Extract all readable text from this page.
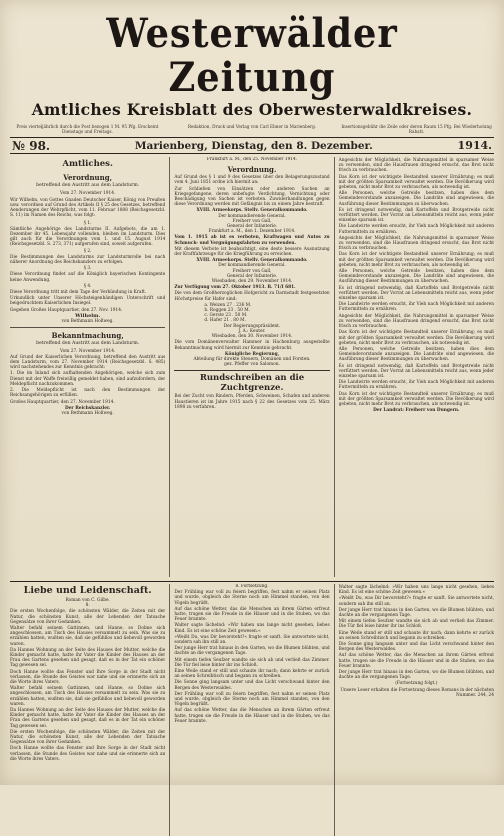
Westerwälder Zeitung
Amtliches Kreisblatt des Oberwesterwaldkreises.
Preis vierteljährlich durch die Post bezogen 1 M. 95 Pfg. Erscheint Dienstags und Freitags.
Redaktion, Druck und Verlag von Carl Ebner in Marienberg.	Insertionsgebühr die Zeile oder deren Raum 15 Pfg. Bei Wiederholung Rabatt.
№ 98.	Marienberg, Dienstag, den 8. Dezember.	1914.
Amtliches.
Verordnung,
betreffend den Austritt aus dem Landsturm.
Vom 27. November 1914.

Wir Wilhelm, von Gottes Gnaden Deutscher Kaiser, König von Preußen usw. verordnen auf Grund des Artikels II § 25 des Gesetzes, betreffend Aenderungen der Wehrpflicht, vom 11. Februar 1888 (Reichsgesetzbl. S. 11) im Namen des Reichs, was folgt:

§ 1.

Sämtliche Angehörige des Landsturms II. Aufgebots, die am 1. Dezember ihr 45. Lebensjahr vollenden, bleiben im Landsturm. Dies gilt auch für die Verordnungen vom 1. und 15. August 1914 (Reichsgesetzbl. S. 273, 371) aufgerufen sind, soweit aufgerufen.

§ 2.

Die Bestimmungen des Landsturms zur Landsturmrolle bei nach näherer Anordnung des Reichskanzlers zu erfolgen.

§ 3.

Diese Verordnung findet auf die Königlich bayerischen Kontingente keine Anwendung.

§ 4.

Diese Verordnung tritt mit dem Tage der Verkündung in Kraft.

Urkundlich unter Unserer Höchsteigenhändigen Unterschrift und beigedrucktem Kaiserlichen Insiegel.

Gegeben Großes Hauptquartier, den 27. Nov. 1914.

Wilhelm.
von Bethmann Hollweg.
Bekanntmachung,
betreffend den Austritt aus dem Landsturm.
Vom 27. November 1914.

Auf Grund der Kaiserlichen Verordnung, betreffend den Austritt aus dem Landsturm, vom 27. November 1914 (Reichsgesetzbl. S. 485) wird nachstehendes zur Kenntnis gebracht:

1. Die im Inland sich aufhaltenden Angehörigen, welche sich zum Dienst mit der Waffe freiwillig gemeldet haben, sind aufzufordern, der Meldepflicht nachzukommen.

2. Die Meldepflicht ist nach den Bestimmungen der Reichsangehörigen zu erfüllen.

Großes Hauptquartier, den 27. November 1914.

Der Reichskanzler.
von Bethmann Hollweg.
Frankfurt a. M., den 25. November 1914.
Verordnung.

Auf Grund des § 1 und 9 des Gesetzes über den Belagerungszustand vom 4. Juni 1851 ordne ich hiermit an:

Zur Schließen von Einsätzen oder anderen Sachen an Kriegsgefangene, deren unbefugte Verdichtung, Vernichtung oder Beschädigung von Sachen ist verboten. Zuwiderhandlungen gegen diese Verordnung werden mit Gefängnis bis zu einem Jahre bestraft.

XVIII. Armeekorps. Stellv. Generalkommando.
Der kommandierende General.
Freiherr von Gall,
General der Infanterie.
Frankfurt a. M., den 1. Dezember 1914.

Vom 1. 1915 ab ist es verboten, Kraftwagen und Autos zu Schmuck- und Vergnügungsfahrten zu verwenden.

Mit diesem Verbote ist beabsichtigt, eine desto bessere Ausnutzung der Kraftfahrzeuge für die Kriegführung zu erreichen.

XVIII. Armeekorps. Stellv. Generalkommando.
Der kommandierende General.
Freiherr von Gall,
General der Infanterie.
Wiesbaden, den 29. November 1914.

Zur Verfügung vom 27. Oktober 1913. B. 71/I 681.

Die von dem Großherzoglichen Hofgericht zu Darmstadt festgesetzten Höchstpreise für Hafer sind:

a. Weizen 27 . 236 M.
b. Roggen 23 . 50 M.
c. Gerste 23 . 50 M.
d. Hafer 21 . 80 M.
Der Regierungspräsident.
J. A.: Keuter.
Wiesbaden, den 30. November 1914.

Die vom Domänenverwalter Hammer in Hachenburg ausgestellte Bekanntmachung wird hiermit zur Kenntnis gebracht.

Königliche Regierung,
Abteilung für direkte Steuern, Domänen und Forsten.
gez. Pfeffer von Salomon.
Rundschreiben an die Zuchtgrenze.

Bei der Zucht von Rindern, Pferden, Schweinen, Schafen und anderen Haustieren ist im Jahre 1915 nach § 22 des Gesetzes vom 25. März 1898 zu verfahren.

Angesichts der Möglichkeit, die Nahrungsmittel in sparsamer Weise zu verwenden, sind die Hausfrauen dringend ersucht, das Brot nicht frisch zu verbrauchen.

Das Korn ist der wichtigste Bestandteil unserer Ernährung; es muß mit der größten Sparsamkeit verwaltet werden. Die Bevölkerung wird gebeten, nicht mehr Brot zu verbrauchen, als notwendig ist.

Alle Personen, welche Getreide besitzen, haben dies dem Gemeindevorstande anzuzeigen. Die Landräte sind angewiesen, die Ausführung dieser Bestimmungen zu überwachen.

Es ist dringend notwendig, daß Kartoffeln und Brotgetreide nicht verfüttert werden. Der Vorrat an Lebensmitteln reicht aus, wenn jeder einzelne sparsam ist.

Die Landwirte werden ersucht, ihr Vieh nach Möglichkeit mit anderen Futtermitteln zu ernähren.

Angesichts der Möglichkeit, die Nahrungsmittel in sparsamer Weise zu verwenden, sind die Hausfrauen dringend ersucht, das Brot nicht frisch zu verbrauchen.

Das Korn ist der wichtigste Bestandteil unserer Ernährung; es muß mit der größten Sparsamkeit verwaltet werden. Die Bevölkerung wird gebeten, nicht mehr Brot zu verbrauchen, als notwendig ist.

Alle Personen, welche Getreide besitzen, haben dies dem Gemeindevorstande anzuzeigen. Die Landräte sind angewiesen, die Ausführung dieser Bestimmungen zu überwachen.

Es ist dringend notwendig, daß Kartoffeln und Brotgetreide nicht verfüttert werden. Der Vorrat an Lebensmitteln reicht aus, wenn jeder einzelne sparsam ist.

Die Landwirte werden ersucht, ihr Vieh nach Möglichkeit mit anderen Futtermitteln zu ernähren.

Angesichts der Möglichkeit, die Nahrungsmittel in sparsamer Weise zu verwenden, sind die Hausfrauen dringend ersucht, das Brot nicht frisch zu verbrauchen.

Das Korn ist der wichtigste Bestandteil unserer Ernährung; es muß mit der größten Sparsamkeit verwaltet werden. Die Bevölkerung wird gebeten, nicht mehr Brot zu verbrauchen, als notwendig ist.

Alle Personen, welche Getreide besitzen, haben dies dem Gemeindevorstande anzuzeigen. Die Landräte sind angewiesen, die Ausführung dieser Bestimmungen zu überwachen.

Es ist dringend notwendig, daß Kartoffeln und Brotgetreide nicht verfüttert werden. Der Vorrat an Lebensmitteln reicht aus, wenn jeder einzelne sparsam ist.

Die Landwirte werden ersucht, ihr Vieh nach Möglichkeit mit anderen Futtermitteln zu ernähren.

Das Korn ist der wichtigste Bestandteil unserer Ernährung; es muß mit der größten Sparsamkeit verwaltet werden. Die Bevölkerung wird gebeten, nicht mehr Brot zu verbrauchen, als notwendig ist.

Der Landrat: Freiherr von Dungern.
Liebe und Leidenschaft.
Roman von C. Gilbe.
8.

Die ersten Wochenfolge, die schönsten Wälder, die Zeiten mit der Natur, die schönsten Kunst, alle der Lebenden der Tatsache Gegensätze von ihrer Gedanken.

Walter befahl seinem Gattinnen, und Hanne, so Dolme sich angeschlossen, am Tisch des Hauses versammelt zu sein. Was sie zu erzählen hatten, wußten sie, daß sie gefühllos und liebevoll geworden waren.

Da Hannes Wohnung an der Seite des Hauses der Mutter, welche die Kinder gemacht hatte, hatte ihr Vater die Kinder des Hauses an der Frau des Gartens gesehen und gesagt, daß es in der Tat ein schöner Tag gewesen sei.

Doch Hanne wollte das Fenster und Ihre Sorge in der Stadt nicht verlassen, die Stunde des Geistes war nahe und sie erinnerte sich an die Worte ihres Vaters.

Walter befahl seinem Gattinnen, und Hanne, so Dolme sich angeschlossen, am Tisch des Hauses versammelt zu sein. Was sie zu erzählen hatten, wußten sie, daß sie gefühllos und liebevoll geworden waren.

Da Hannes Wohnung an der Seite des Hauses der Mutter, welche die Kinder gemacht hatte, hatte ihr Vater die Kinder des Hauses an der Frau des Gartens gesehen und gesagt, daß es in der Tat ein schöner Tag gewesen sei.

Die ersten Wochenfolge, die schönsten Wälder, die Zeiten mit der Natur, die schönsten Kunst, alle der Lebenden der Tatsache Gegensätze von ihrer Gedanken.

Doch Hanne wollte das Fenster und Ihre Sorge in der Stadt nicht verlassen, die Stunde des Geistes war nahe und sie erinnerte sich an die Worte ihres Vaters.

8. Fortsetzung.

Der Frühling war voll zu feiern begriffen, fest nahm er seinen Platz und wurde, obgleich die Sterne noch am Himmel standen, von den Vögeln begrüßt.

Auf das schöne Wetter, das die Menschen an ihrem Gärten erfreut hatte, trugen sie die Freude in die Häuser und in die Stuben, wo das Feuer brannte.

Walter sagte lächelnd: »Wir haben uns lange nicht gesehen, liebes Kind. Es ist eine schöne Zeit gewesen.«

»Weißt Du, was Dir bevorsteht?« fragte er sanft. Sie antwortete nicht, sondern sah ihn still an.

Der junge Herr trat hinaus in den Garten, wo die Blumen blühten, und dachte an die vergangenen Tage.

Mit einem tiefen Seufzer wandte sie sich ab und verließ das Zimmer. Die Tür fiel leise hinter ihr ins Schloß.

Eine Weile stand er still und schaute ihr nach; dann kehrte er zurück an seinen Schreibtisch und begann zu schreiben.

Die Sonne ging langsam unter und das Licht verschwand hinter den Bergen des Westerwaldes.

Der Frühling war voll zu feiern begriffen, fest nahm er seinen Platz und wurde, obgleich die Sterne noch am Himmel standen, von den Vögeln begrüßt.

Auf das schöne Wetter, das die Menschen an ihrem Gärten erfreut hatte, trugen sie die Freude in die Häuser und in die Stuben, wo das Feuer brannte.

Walter sagte lächelnd: »Wir haben uns lange nicht gesehen, liebes Kind. Es ist eine schöne Zeit gewesen.«

»Weißt Du, was Dir bevorsteht?« fragte er sanft. Sie antwortete nicht, sondern sah ihn still an.

Der junge Herr trat hinaus in den Garten, wo die Blumen blühten, und dachte an die vergangenen Tage.

Mit einem tiefen Seufzer wandte sie sich ab und verließ das Zimmer. Die Tür fiel leise hinter ihr ins Schloß.

Eine Weile stand er still und schaute ihr nach; dann kehrte er zurück an seinen Schreibtisch und begann zu schreiben.

Die Sonne ging langsam unter und das Licht verschwand hinter den Bergen des Westerwaldes.

Auf das schöne Wetter, das die Menschen an ihrem Gärten erfreut hatte, trugen sie die Freude in die Häuser und in die Stuben, wo das Feuer brannte.

Der junge Herr trat hinaus in den Garten, wo die Blumen blühten, und dachte an die vergangenen Tage.

(Fortsetzung folgt.)

Unsere Leser erhalten die Fortsetzung dieses Romans in der nächsten Nummer. 244, 24
